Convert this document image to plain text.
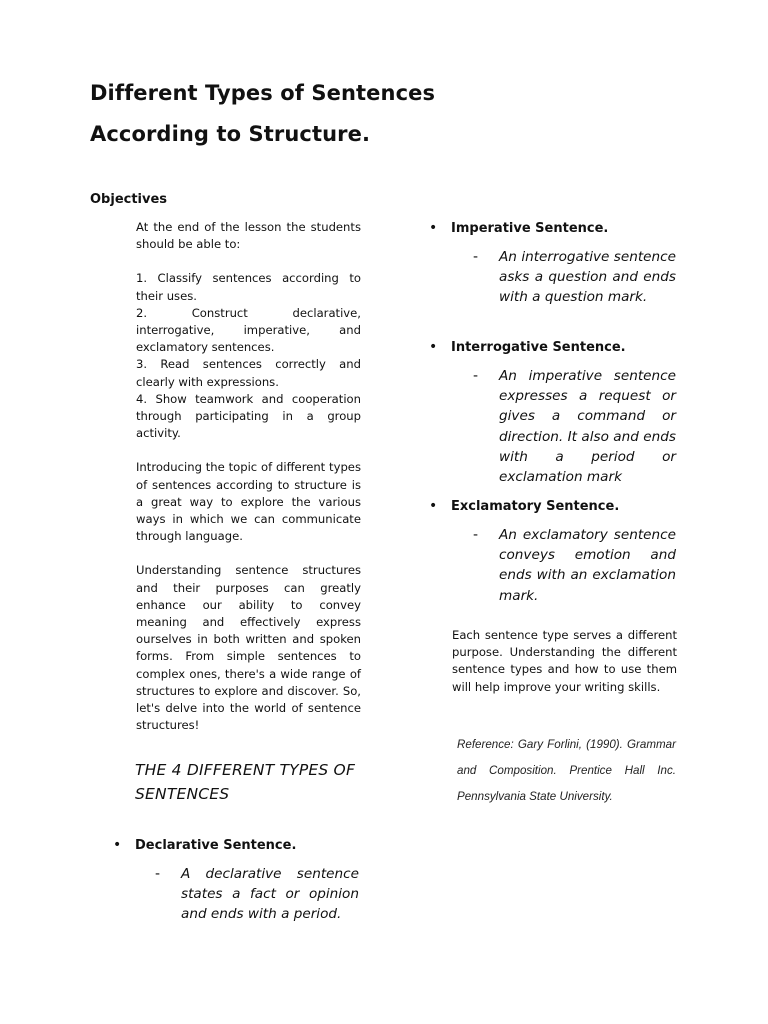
Different Types of Sentences
According to Structure.
Objectives

At the end of the lesson the students should be able to:

1. Classify sentences according to their uses.

2. Construct declarative, interrogative, imperative, and exclamatory sentences.

3. Read sentences correctly and clearly with expressions.

4. Show teamwork and cooperation through participating in a group activity.

Introducing the topic of different types of sentences according to structure is a great way to explore the various ways in which we can communicate through language.

Understanding sentence structures and their purposes can greatly enhance our ability to convey meaning and effectively express ourselves in both written and spoken forms. From simple sentences to complex ones, there's a wide range of structures to explore and discover. So, let's delve into the world of sentence structures!

THE 4 DIFFERENT TYPES OF SENTENCES
•	Declarative Sentence.
-	A declarative sentence states a fact or opinion and ends with a period.
•	Imperative Sentence.
-	An interrogative sentence asks a question and ends with a question mark.
•	Interrogative Sentence.
-	An imperative sentence expresses a request or gives a command or direction. It also and ends with a period or exclamation mark
•	Exclamatory Sentence.
-	An exclamatory sentence conveys emotion and ends with an exclamation mark.
Each sentence type serves a different purpose. Understanding the different sentence types and how to use them will help improve your writing skills.
Reference: Gary Forlini, (1990). Grammar and Composition. Prentice Hall Inc. Pennsylvania State University.
